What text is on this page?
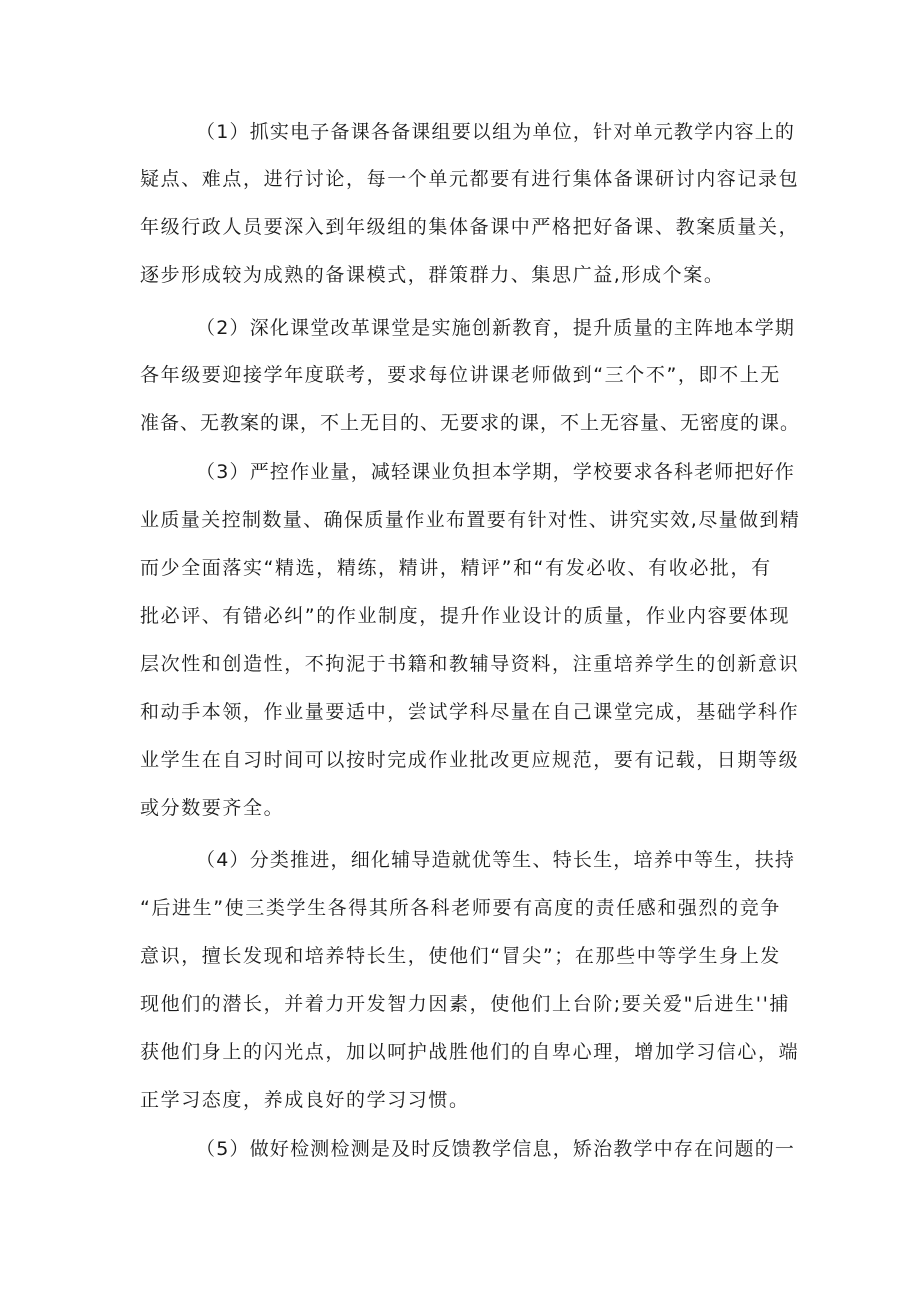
（1）抓实电子备课各备课组要以组为单位，针对单元教学内容上的
疑点、难点，进行讨论，每一个单元都要有进行集体备课研讨内容记录包
年级行政人员要深入到年级组的集体备课中严格把好备课、教案质量关，
逐步形成较为成熟的备课模式，群策群力、集思广益,形成个案。
（2）深化课堂改革课堂是实施创新教育，提升质量的主阵地本学期
各年级要迎接学年度联考，要求每位讲课老师做到“三个不”，即不上无
准备、无教案的课，不上无目的、无要求的课，不上无容量、无密度的课。
（3）严控作业量，减轻课业负担本学期，学校要求各科老师把好作
业质量关控制数量、确保质量作业布置要有针对性、讲究实效,尽量做到精
而少全面落实“精选，精练，精讲，精评”和“有发必收、有收必批，有
批必评、有错必纠”的作业制度，提升作业设计的质量，作业内容要体现
层次性和创造性，不拘泥于书籍和教辅导资料，注重培养学生的创新意识
和动手本领，作业量要适中，尝试学科尽量在自己课堂完成，基础学科作
业学生在自习时间可以按时完成作业批改更应规范，要有记载，日期等级
或分数要齐全。
（4）分类推进，细化辅导造就优等生、特长生，培养中等生，扶持
“后进生”使三类学生各得其所各科老师要有高度的责任感和强烈的竞争
意识，擅长发现和培养特长生，使他们“冒尖”；在那些中等学生身上发
现他们的潜长，并着力开发智力因素，使他们上台阶;要关爱"后进生''捕
获他们身上的闪光点，加以呵护战胜他们的自卑心理，增加学习信心，端
正学习态度，养成良好的学习习惯。
（5）做好检测检测是及时反馈教学信息，矫治教学中存在问题的一
